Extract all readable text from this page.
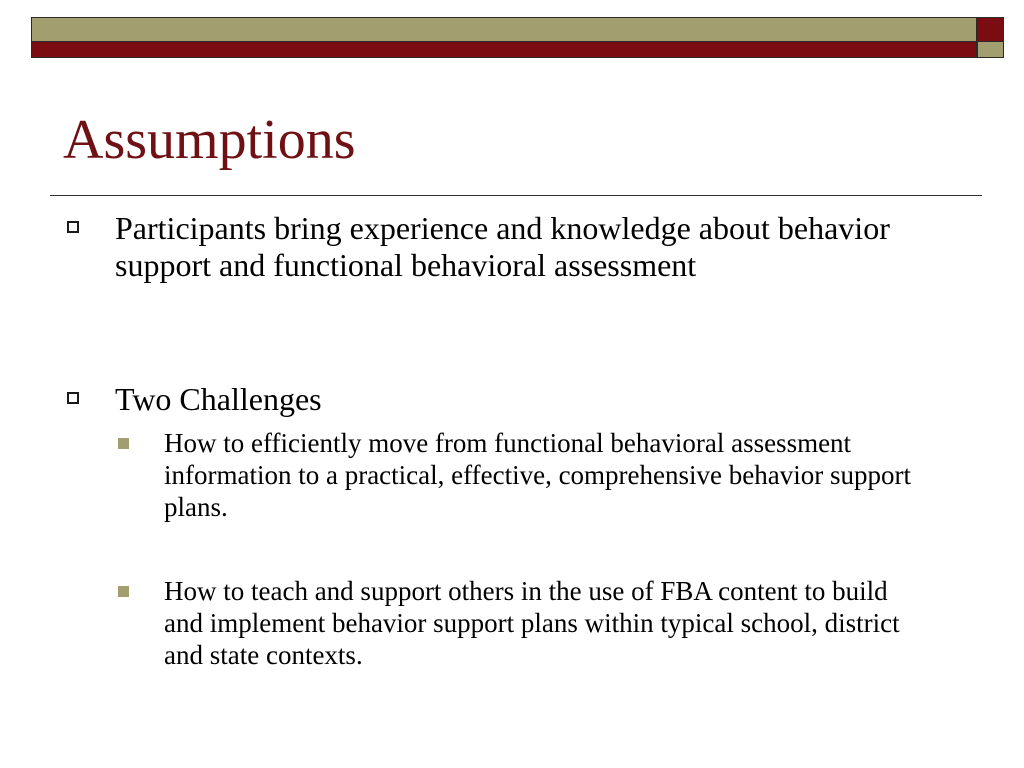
Assumptions
Participants bring experience and knowledge about behavior support and functional behavioral assessment
Two Challenges
How to efficiently move from functional behavioral assessment information to a practical, effective, comprehensive behavior support plans.
How to teach and support others in the use of FBA content to build and implement behavior support plans within typical school, district and state contexts.
